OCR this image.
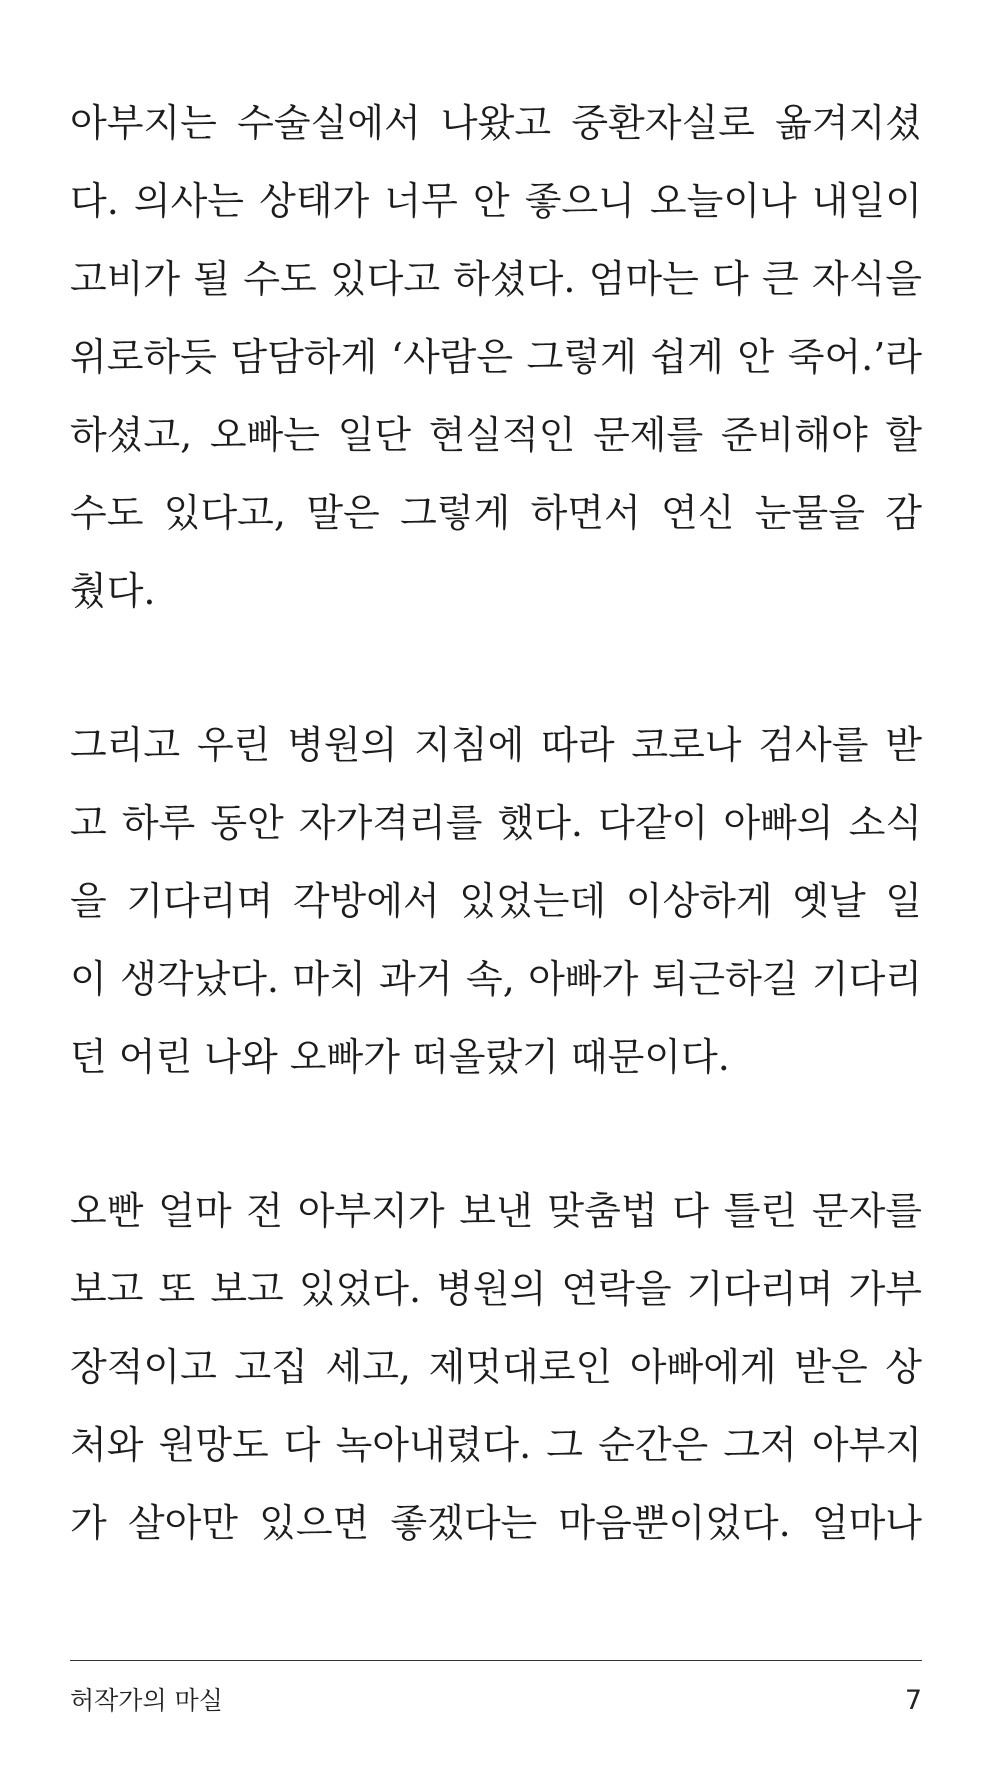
아부지는 수술실에서 나왔고 중환자실로 옮겨지셨
다. 의사는 상태가 너무 안 좋으니 오늘이나 내일이
고비가 될 수도 있다고 하셨다. 엄마는 다 큰 자식을
위로하듯 담담하게 ‘사람은 그렇게 쉽게 안 죽어.’라
하셨고, 오빠는 일단 현실적인 문제를 준비해야 할
수도 있다고, 말은 그렇게 하면서 연신 눈물을 감
췄다.
그리고 우린 병원의 지침에 따라 코로나 검사를 받
고 하루 동안 자가격리를 했다. 다같이 아빠의 소식
을 기다리며 각방에서 있었는데 이상하게 옛날 일
이 생각났다. 마치 과거 속, 아빠가 퇴근하길 기다리
던 어린 나와 오빠가 떠올랐기 때문이다.
오빤 얼마 전 아부지가 보낸 맞춤법 다 틀린 문자를
보고 또 보고 있었다. 병원의 연락을 기다리며 가부
장적이고 고집 세고, 제멋대로인 아빠에게 받은 상
처와 원망도 다 녹아내렸다. 그 순간은 그저 아부지
가 살아만 있으면 좋겠다는 마음뿐이었다. 얼마나
허작가의 마실	7
